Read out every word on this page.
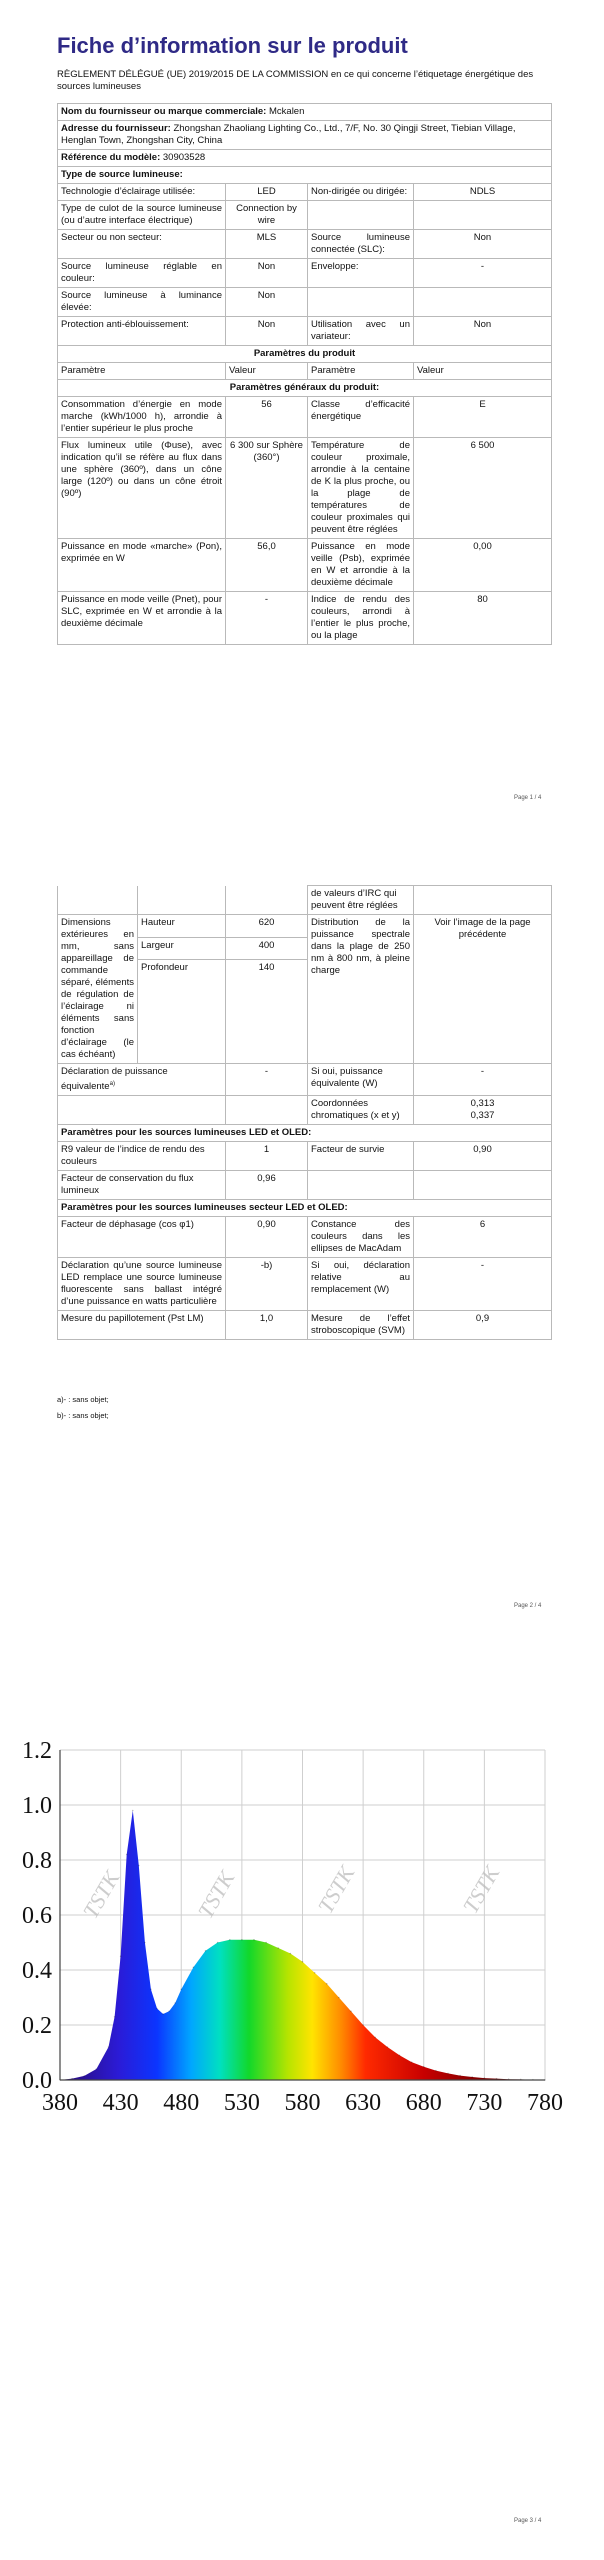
Fiche d’information sur le produit
RÈGLEMENT DÉLÉGUÉ (UE) 2019/2015 DE LA COMMISSION en ce qui concerne l’étiquetage énergétique des sources lumineuses
Nom du fournisseur ou marque commerciale: Mckalen			
Adresse du fournisseur: Zhongshan Zhaoliang Lighting Co., Ltd., 7/F, No. 30 Qingji Street, Tiebian Village, Henglan Town, Zhongshan City, China			
Référence du modèle: 30903528			
Type de source lumineuse:			
Technologie d’éclairage utilisée:	LED	Non-dirigée ou dirigée:	NDLS
Type de culot de la source lumineuse (ou d’autre interface électrique)	Connection by wire		
Secteur ou non secteur:	MLS	Source lumineuse connectée (SLC):	Non
Source lumineuse réglable en couleur:	Non	Enveloppe:	-
Source lumineuse à luminance élevée:	Non		
Protection anti-éblouissement:	Non	Utilisation avec un variateur:	Non
Paramètres du produit			
Paramètre	Valeur	Paramètre	Valeur
Paramètres généraux du produit:			
Consommation d’énergie en mode marche (kWh/1000 h), arrondie à l’entier supérieur le plus proche	56	Classe d’efficacité énergétique	E
Flux lumineux utile (Φuse), avec indication qu’il se réfère au flux dans une sphère (360º), dans un cône large (120º) ou dans un cône étroit (90º)	6 300 sur Sphère (360°)	Température de couleur proximale, arrondie à la centaine de K la plus proche, ou la plage de températures de couleur proximales qui peuvent être réglées	6 500
Puissance en mode «marche» (Pon), exprimée en W	56,0	Puissance en mode veille (Psb), exprimée en W et arrondie à la deuxième décimale	0,00
Puissance en mode veille (Pnet), pour SLC, exprimée en W et arrondie à la deuxième décimale	-	Indice de rendu des couleurs, arrondi à l’entier le plus proche, ou la plage	80
Page 1 / 4
			de valeurs d’IRC qui peuvent être réglées	
Dimensions extérieures en mm, sans appareillage de commande séparé, éléments de régulation de l’éclairage ni éléments sans fonction d’éclairage (le cas échéant)	Hauteur	620	Distribution de la puissance spectrale dans la plage de 250 nm à 800 nm, à pleine charge	Voir l’image de la page précédente
	Largeur	400		
	Profondeur	140		
Déclaration de puissance équivalente$^{a)}$		-	Si oui, puissance équivalente (W)	-
			Coordonnées chromatiques (x et y)	0,313
0,337

Paramètres pour les sources lumineuses LED et OLED:				
R9 valeur de l’indice de rendu des couleurs		1	Facteur de survie	0,90
Facteur de conservation du flux lumineux		0,96		
Paramètres pour les sources lumineuses secteur LED et OLED:				
Facteur de déphasage (cos φ1)		0,90	Constance des couleurs dans les ellipses de MacAdam	6
Déclaration qu’une source lumineuse LED remplace une source lumineuse fluorescente sans ballast intégré d’une puissance en watts particulière		-b)	Si oui, déclaration relative au remplacement (W)	-
Mesure du papillotement (Pst LM)		1,0	Mesure de l’effet stroboscopique (SVM)	0,9
a)- : sans objet;
b)- : sans objet;
Page 2 / 4
TSTK	TSTK	TSTK	TSTK
0.0
0.2
0.4
0.6
0.8
1.0
1.2
380 430 480 530 580 630 680 730 780
Page 3 / 4
